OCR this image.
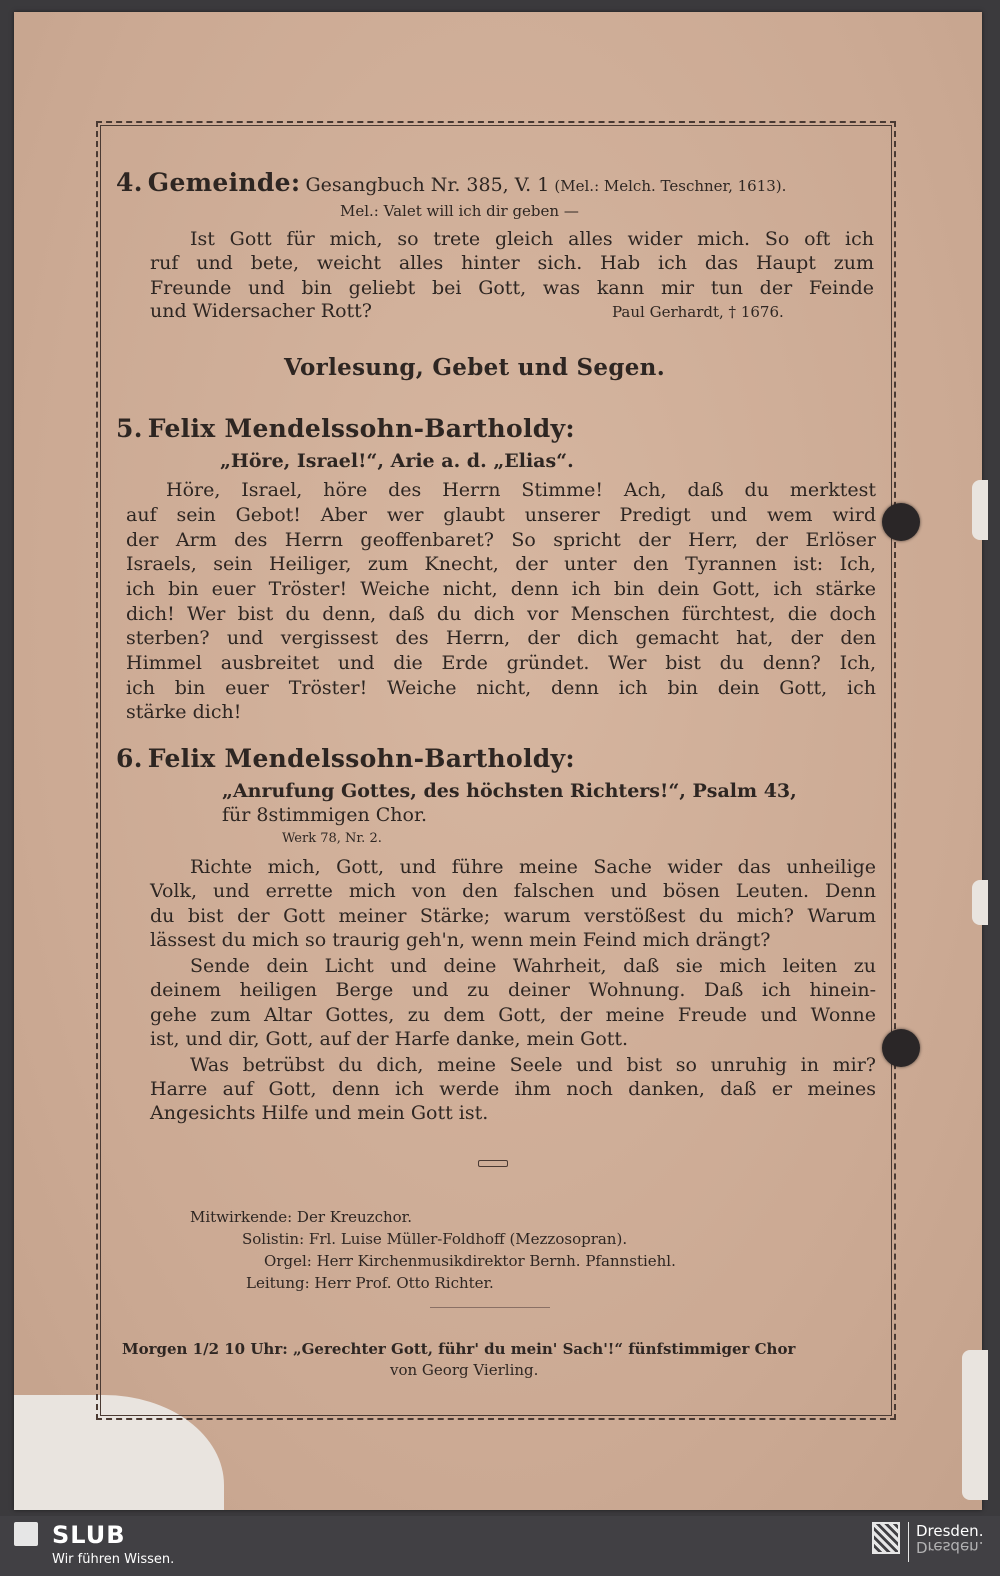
4. Gemeinde: Gesangbuch Nr. 385, V. 1 (Mel.: Melch. Teschner, 1613).

Mel.: Valet will ich dir geben —

Ist Gott für mich, so trete gleich alles wider mich. So oft ich

ruf und bete, weicht alles hinter sich. Hab ich das Haupt zum

Freunde und bin geliebt bei Gott, was kann mir tun der Feinde

und Widersacher Rott?	Paul Gerhardt, † 1676.

Vorlesung, Gebet und Segen.

5. Felix Mendelssohn-Bartholdy:

„Höre, Israel!“, Arie a. d. „Elias“.

Höre, Israel, höre des Herrn Stimme! Ach, daß du merktest

auf sein Gebot! Aber wer glaubt unserer Predigt und wem wird

der Arm des Herrn geoffenbaret? So spricht der Herr, der Erlöser

Israels, sein Heiliger, zum Knecht, der unter den Tyrannen ist: Ich,

ich bin euer Tröster! Weiche nicht, denn ich bin dein Gott, ich stärke

dich! Wer bist du denn, daß du dich vor Menschen fürchtest, die doch

sterben? und vergissest des Herrn, der dich gemacht hat, der den

Himmel ausbreitet und die Erde gründet. Wer bist du denn? Ich,

ich bin euer Tröster! Weiche nicht, denn ich bin dein Gott, ich

stärke dich!

6. Felix Mendelssohn-Bartholdy:

„Anrufung Gottes, des höchsten Richters!“, Psalm 43,

für 8stimmigen Chor.

Werk 78, Nr. 2.

Richte mich, Gott, und führe meine Sache wider das unheilige

Volk, und errette mich von den falschen und bösen Leuten. Denn

du bist der Gott meiner Stärke; warum verstößest du mich? Warum

lässest du mich so traurig geh'n, wenn mein Feind mich drängt?

Sende dein Licht und deine Wahrheit, daß sie mich leiten zu

deinem heiligen Berge und zu deiner Wohnung. Daß ich hinein-

gehe zum Altar Gottes, zu dem Gott, der meine Freude und Wonne

ist, und dir, Gott, auf der Harfe danke, mein Gott.

Was betrübst du dich, meine Seele und bist so unruhig in mir?

Harre auf Gott, denn ich werde ihm noch danken, daß er meines

Angesichts Hilfe und mein Gott ist.

Mitwirkende: Der Kreuzchor.

Solistin: Frl. Luise Müller-Foldhoff (Mezzosopran).

Orgel: Herr Kirchenmusikdirektor Bernh. Pfannstiehl.

Leitung: Herr Prof. Otto Richter.

Morgen 1/2 10 Uhr: „Gerechter Gott, führ' du mein' Sach'!“ fünfstimmiger Chor

von Georg Vierling.

SLUB
Wir führen Wissen.
Dresden.
Dresden.
